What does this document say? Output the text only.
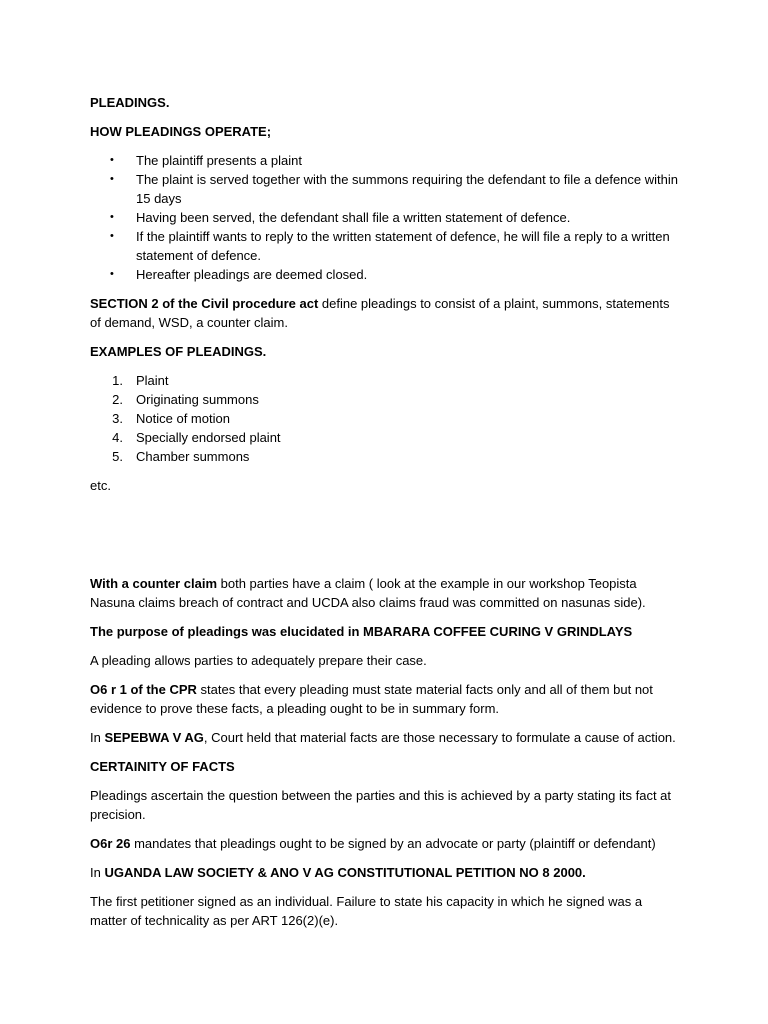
PLEADINGS.

HOW PLEADINGS OPERATE;

• The plaintiff presents a plaint
• The plaint is served together with the summons requiring the defendant to file a defence within 15 days
• Having been served, the defendant shall file a written statement of defence.
• If the plaintiff wants to reply to the written statement of defence, he will file a reply to a written statement of defence.
• Hereafter pleadings are deemed closed.

SECTION 2 of the Civil procedure act define pleadings to consist of a plaint, summons, statements of demand, WSD, a counter claim.

EXAMPLES OF PLEADINGS.

1. Plaint
2. Originating summons
3. Notice of motion
4. Specially endorsed plaint
5. Chamber summons

etc.

With a counter claim both parties have a claim ( look at the example in our workshop Teopista Nasuna claims breach of contract and UCDA also claims fraud was committed on nasunas side).

The purpose of pleadings was elucidated in MBARARA COFFEE CURING V GRINDLAYS

A pleading allows parties to adequately prepare their case.

O6 r 1 of the CPR states that every pleading must state material facts only and all of them but not evidence to prove these facts, a pleading ought to be in summary form.

In SEPEBWA V AG, Court held that material facts are those necessary to formulate a cause of action.

CERTAINITY OF FACTS

Pleadings ascertain the question between the parties and this is achieved by a party stating its fact at precision.

O6r 26 mandates that pleadings ought to be signed by an advocate or party (plaintiff or defendant)

In UGANDA LAW SOCIETY & ANO V AG CONSTITUTIONAL PETITION NO 8 2000.

The first petitioner signed as an individual. Failure to state his capacity in which he signed was a matter of technicality as per ART 126(2)(e).
